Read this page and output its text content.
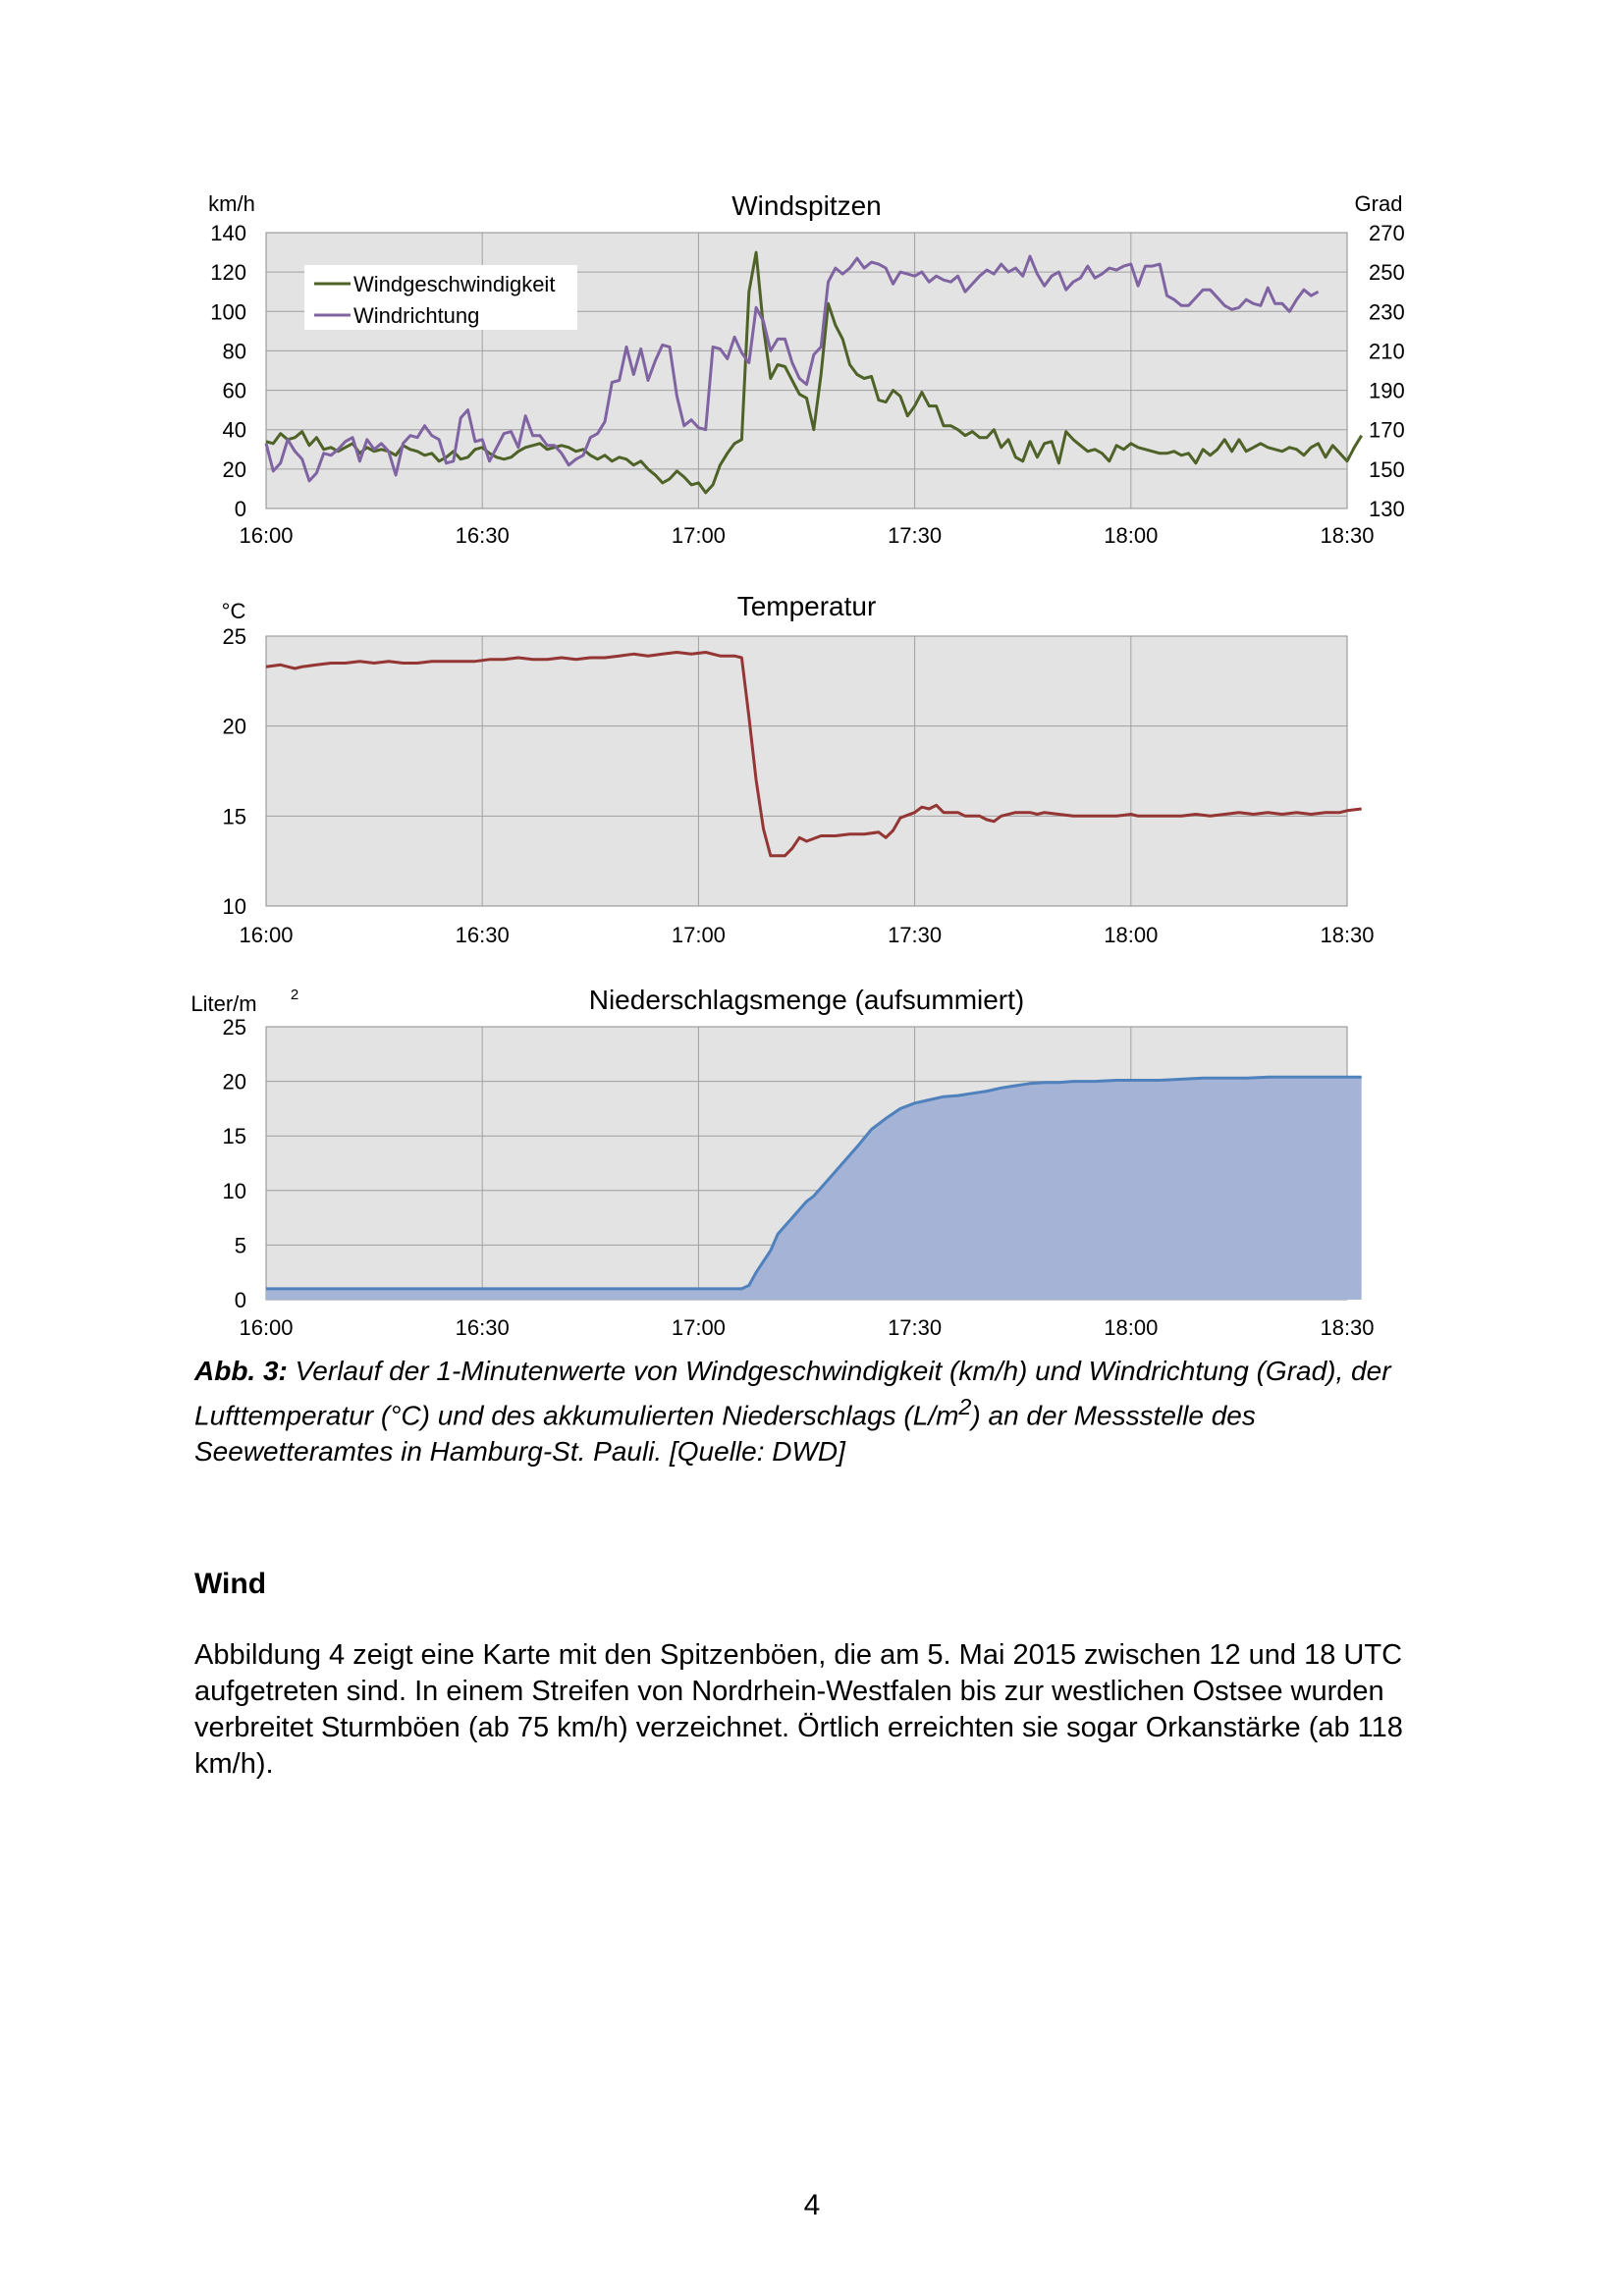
0
20
40
60
80
100
120
140
130
150
170
190
210
230
250
270
16:00	16:30	17:00	17:30	18:00	18:30
Windspitzen
km/h	Grad
Windgeschwindigkeit
Windrichtung
10
15
20
25
16:00	16:30	17:00	17:30	18:00	18:30
Temperatur
°C
0
5
10
15
20
25
16:00	16:30	17:00	17:30	18:00	18:30
Niederschlagsmenge (aufsummiert)
Liter/m 2

Abb. 3: Verlauf der 1-Minutenwerte von Windgeschwindigkeit (km/h) und Windrichtung (Grad), der Lufttemperatur (°C) und des akkumulierten Niederschlags $(L/m^2)$ an der Messstelle des Seewetteramtes in Hamburg-St. Pauli. [Quelle: DWD]

Wind

Abbildung 4 zeigt eine Karte mit den Spitzenböen, die am 5. Mai 2015 zwischen 12 und 18 UTC aufgetreten sind. In einem Streifen von Nordrhein-Westfalen bis zur westlichen Ostsee wurden verbreitet Sturmböen (ab 75 km/h) verzeichnet. Örtlich erreichten sie sogar Orkanstärke (ab 118 km/h).

4
